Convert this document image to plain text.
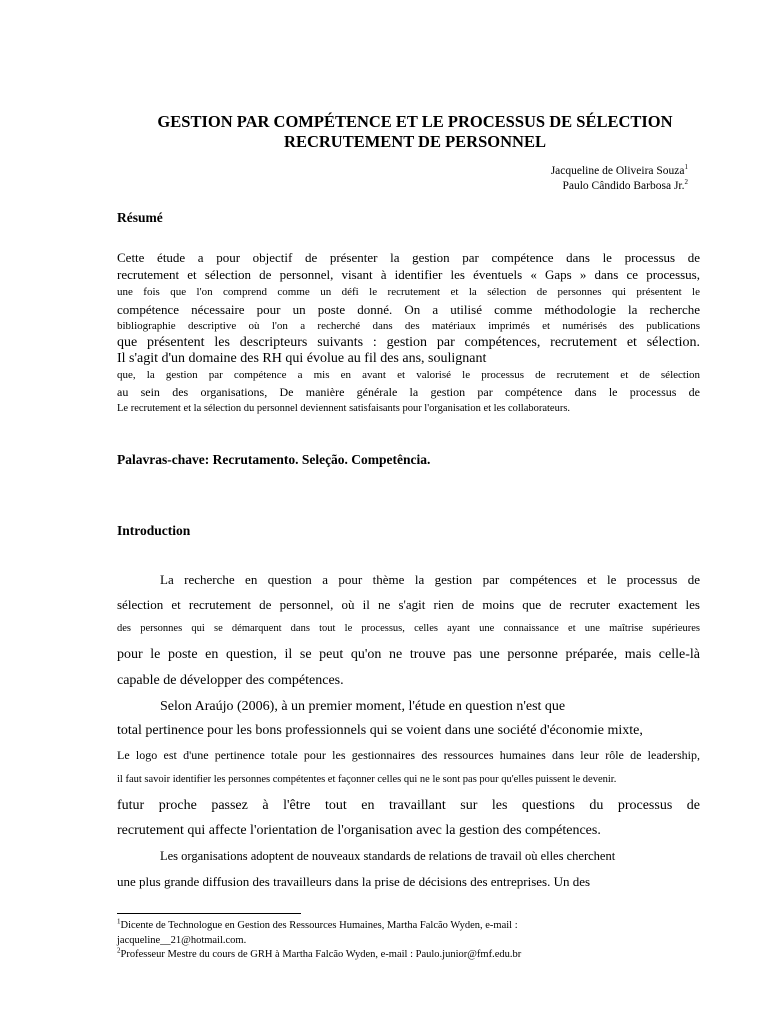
GESTION PAR COMPÉTENCE ET LE PROCESSUS DE SÉLECTION
RECRUTEMENT DE PERSONNEL
Jacqueline de Oliveira Souza$^1$
Paulo Cândido Barbosa Jr.$^2$
Résumé
Cette étude a pour objectif de présenter la gestion par compétence dans le processus de
recrutement et sélection de personnel, visant à identifier les éventuels « Gaps » dans ce processus,
une fois que l'on comprend comme un défi le recrutement et la sélection de personnes qui présentent le
compétence nécessaire pour un poste donné. On a utilisé comme méthodologie la recherche
bibliographie descriptive où l'on a recherché dans des matériaux imprimés et numérisés des publications
que présentent les descripteurs suivants : gestion par compétences, recrutement et sélection.
Il s'agit d'un domaine des RH qui évolue au fil des ans, soulignant
que, la gestion par compétence a mis en avant et valorisé le processus de recrutement et de sélection
au sein des organisations, De manière générale la gestion par compétence dans le processus de
Le recrutement et la sélection du personnel deviennent satisfaisants pour l'organisation et les collaborateurs.
Palavras-chave: Recrutamento. Seleção. Competência.
Introduction
La recherche en question a pour thème la gestion par compétences et le processus de
sélection et recrutement de personnel, où il ne s'agit rien de moins que de recruter exactement les
des personnes qui se démarquent dans tout le processus, celles ayant une connaissance et une maîtrise supérieures
pour le poste en question, il se peut qu'on ne trouve pas une personne préparée, mais celle-là
capable de développer des compétences.
Selon Araújo (2006), à un premier moment, l'étude en question n'est que
total pertinence pour les bons professionnels qui se voient dans une société d'économie mixte,
Le logo est d'une pertinence totale pour les gestionnaires des ressources humaines dans leur rôle de leadership,
il faut savoir identifier les personnes compétentes et façonner celles qui ne le sont pas pour qu'elles puissent le devenir.
futur proche passez à l'être tout en travaillant sur les questions du processus de
recrutement qui affecte l'orientation de l'organisation avec la gestion des compétences.
Les organisations adoptent de nouveaux standards de relations de travail où elles cherchent
une plus grande diffusion des travailleurs dans la prise de décisions des entreprises. Un des
$^1$Dicente de Technologue en Gestion des Ressources Humaines, Martha Falcão Wyden, e-mail :
jacqueline__21@hotmail.com.
$^2$Professeur Mestre du cours de GRH à Martha Falcão Wyden, e-mail : Paulo.junior@fmf.edu.br
